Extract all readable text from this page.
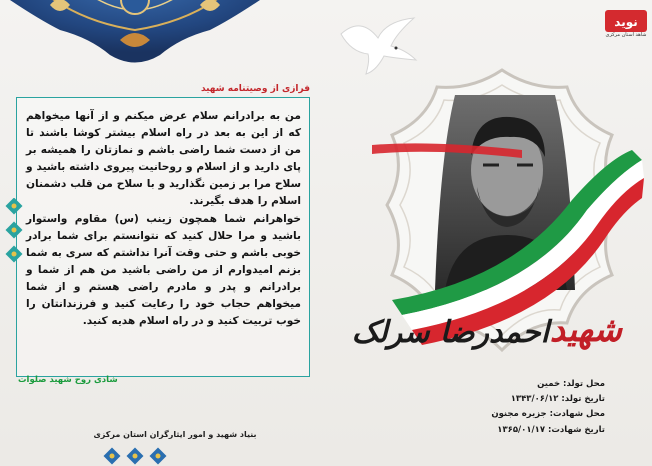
نوید
شاهد استان مرکزی
شهید
احمدرضا سرلک
محل تولد: خمین
تاریخ تولد: ۱۳۴۳/۰۶/۱۲
محل شهادت: جزیره مجنون
تاریخ شهادت: ۱۳۶۵/۰۱/۱۷
فرازی از وصیتنامه شهید

من به برادرانم سلام عرض میکنم و از آنها میخواهم که از این به بعد در راه اسلام بیشتر کوشا باشند تا من از دست شما راضی باشم و نمازتان را همیشه بر پای دارید و از اسلام و روحانیت پیروی داشته باشید و سلاح مرا بر زمین نگذارید و با سلاح من قلب دشمنان اسلام را هدف بگیرند.

خواهرانم شما همچون زینب (س) مقاوم واستوار باشید و مرا حلال کنید که نتوانستم برای شما برادر خوبی باشم و حتی وقت آنرا نداشتم که سری به شما بزنم امیدوارم از من راضی باشید من هم از شما و برادرانم و پدر و مادرم راضی هستم و از شما میخواهم حجاب خود را رعایت کنید و فرزندانتان را خوب تربیت کنید و در راه اسلام هدیه کنید.

شادی روح شهید صلوات
بنیاد شهید و امور ایثارگران استان مرکزی
